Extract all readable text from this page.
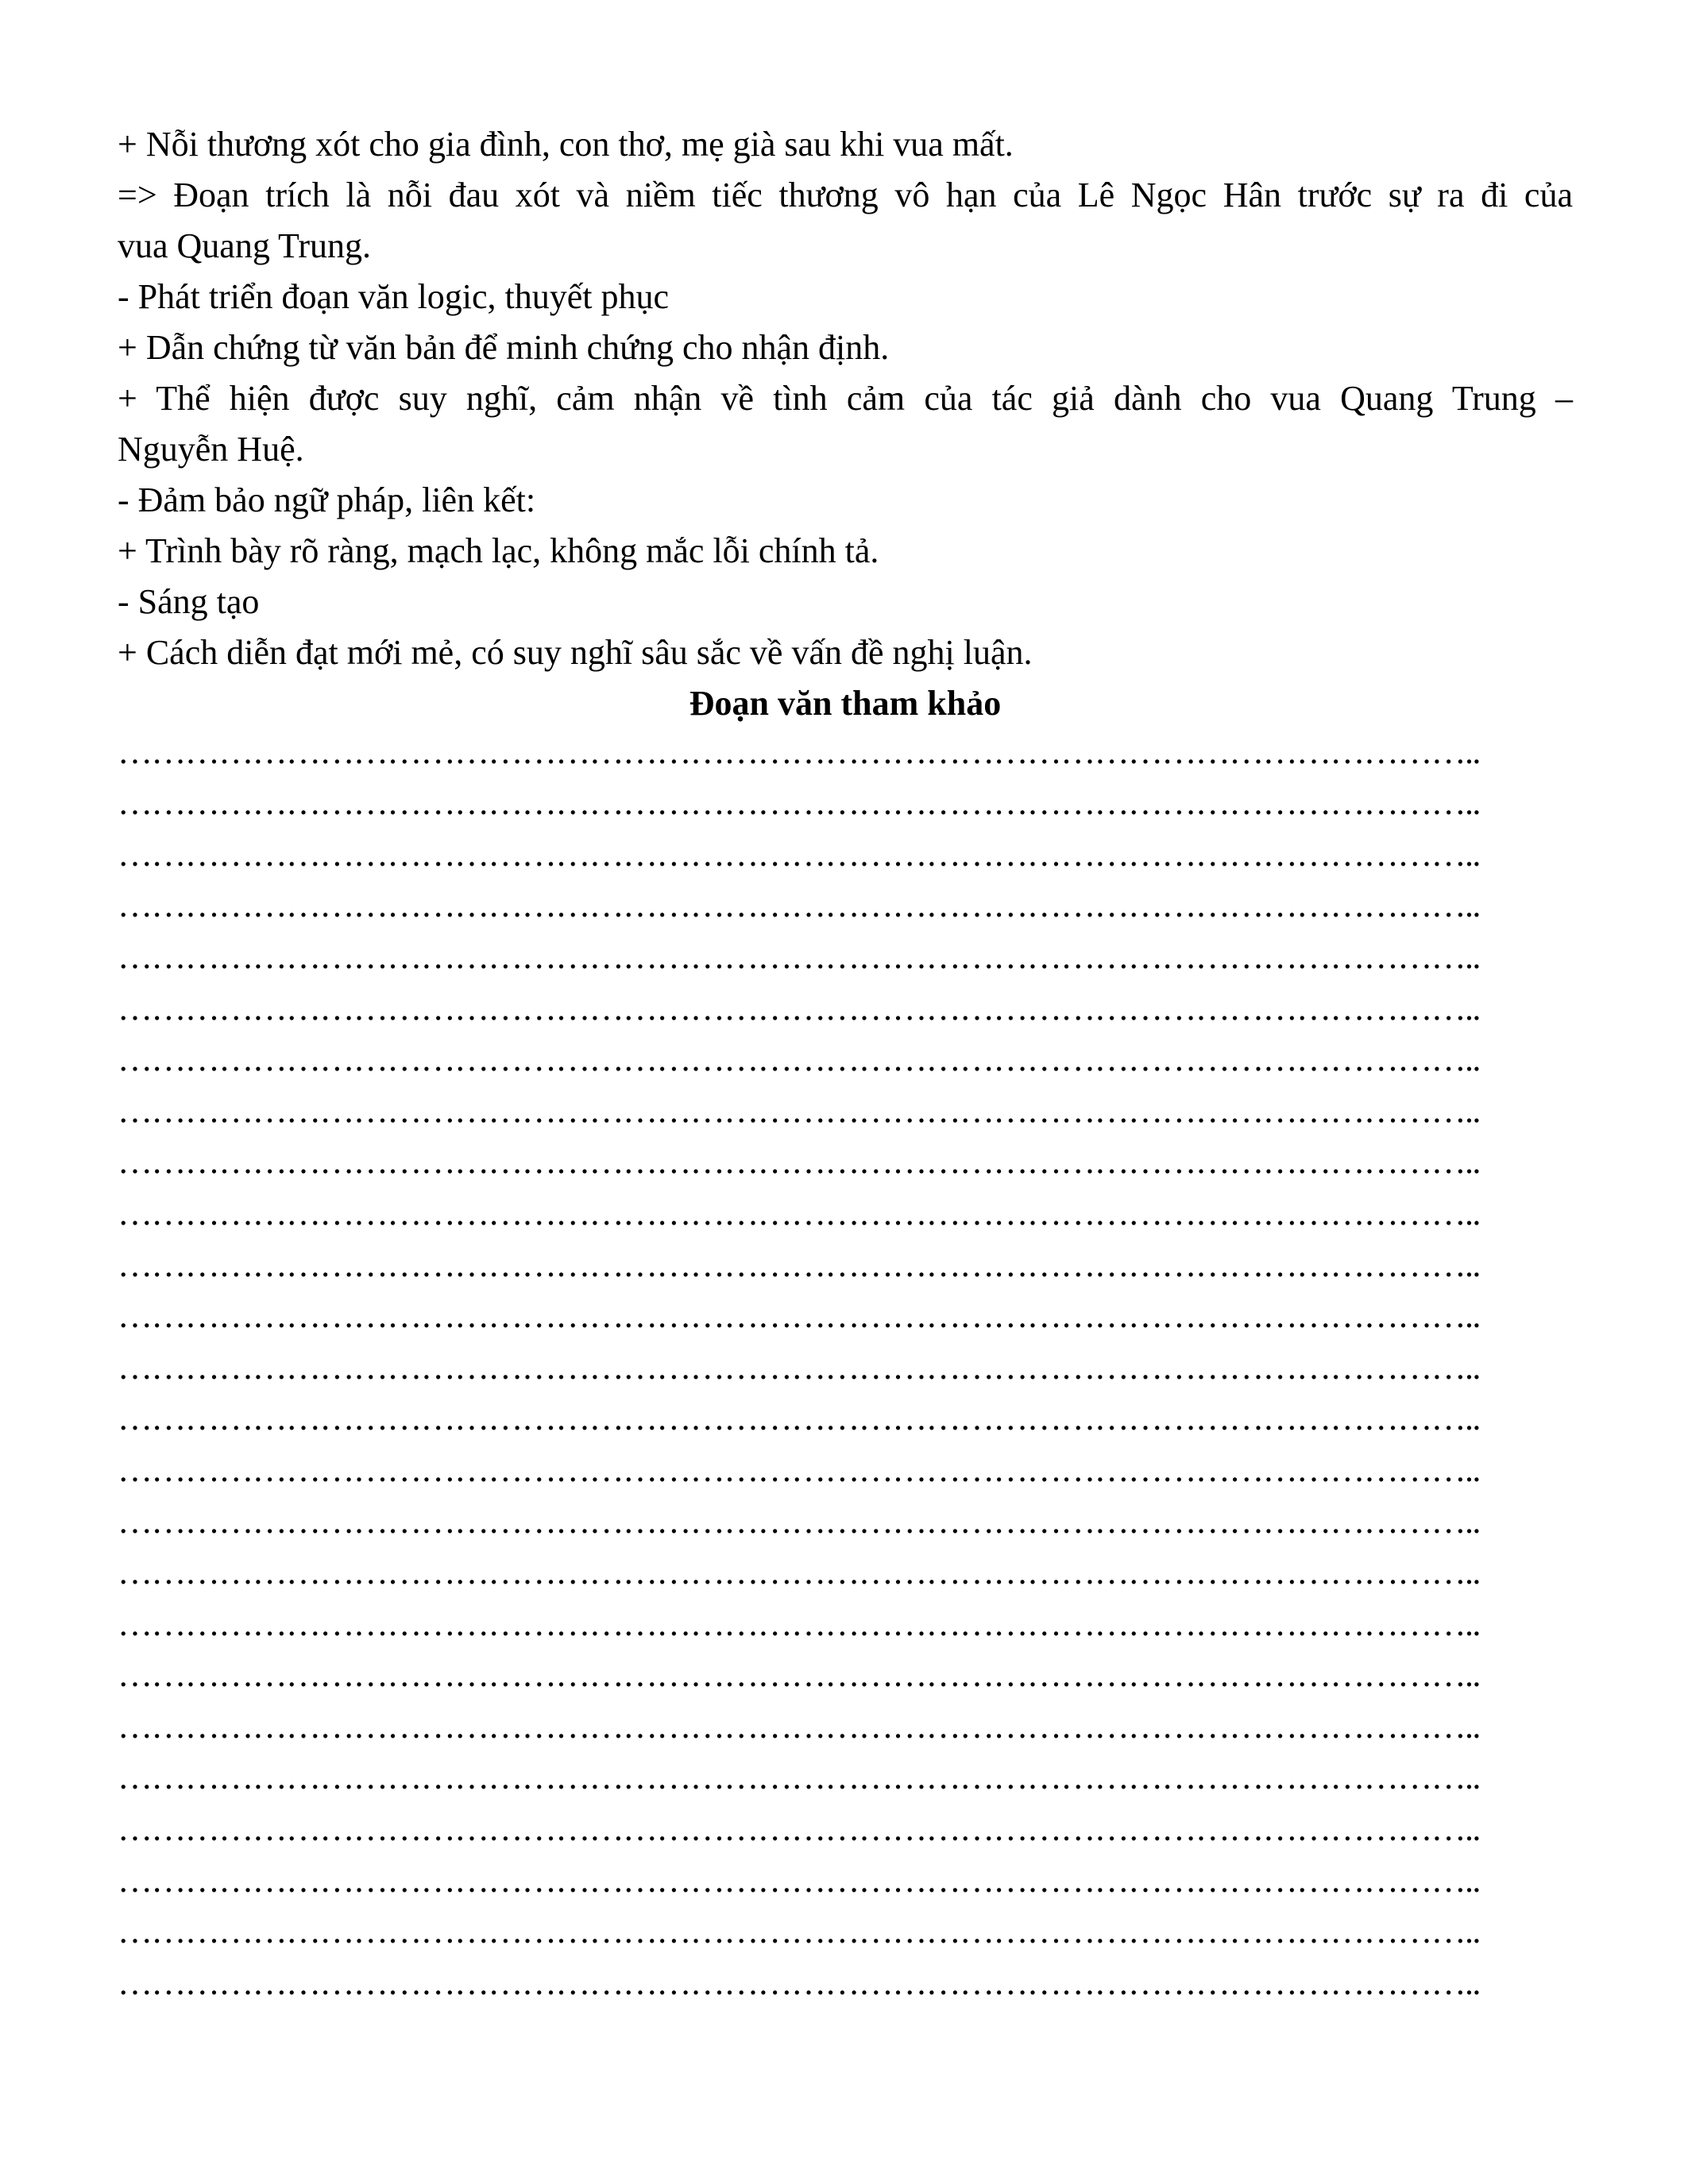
+ Nỗi thương xót cho gia đình, con thơ, mẹ già sau khi vua mất.

=> Đoạn trích là nỗi đau xót và niềm tiếc thương vô hạn của Lê Ngọc Hân trước sự ra đi của

vua Quang Trung.

- Phát triển đoạn văn logic, thuyết phục

+ Dẫn chứng từ văn bản để minh chứng cho nhận định.

+ Thể hiện được suy nghĩ, cảm nhận về tình cảm của tác giả dành cho vua Quang Trung –

Nguyễn Huệ.

- Đảm bảo ngữ pháp, liên kết:

+ Trình bày rõ ràng, mạch lạc, không mắc lỗi chính tả.

- Sáng tạo

+ Cách diễn đạt mới mẻ, có suy nghĩ sâu sắc về vấn đề nghị luận.

Đoạn văn tham khảo

…………………………………………………………………………………………………………..
…………………………………………………………………………………………………………..
…………………………………………………………………………………………………………..
…………………………………………………………………………………………………………..
…………………………………………………………………………………………………………..
…………………………………………………………………………………………………………..
…………………………………………………………………………………………………………..
…………………………………………………………………………………………………………..
…………………………………………………………………………………………………………..
…………………………………………………………………………………………………………..
…………………………………………………………………………………………………………..
…………………………………………………………………………………………………………..
…………………………………………………………………………………………………………..
…………………………………………………………………………………………………………..
…………………………………………………………………………………………………………..
…………………………………………………………………………………………………………..
…………………………………………………………………………………………………………..
…………………………………………………………………………………………………………..
…………………………………………………………………………………………………………..
…………………………………………………………………………………………………………..
…………………………………………………………………………………………………………..
…………………………………………………………………………………………………………..
…………………………………………………………………………………………………………..
…………………………………………………………………………………………………………..
…………………………………………………………………………………………………………..
